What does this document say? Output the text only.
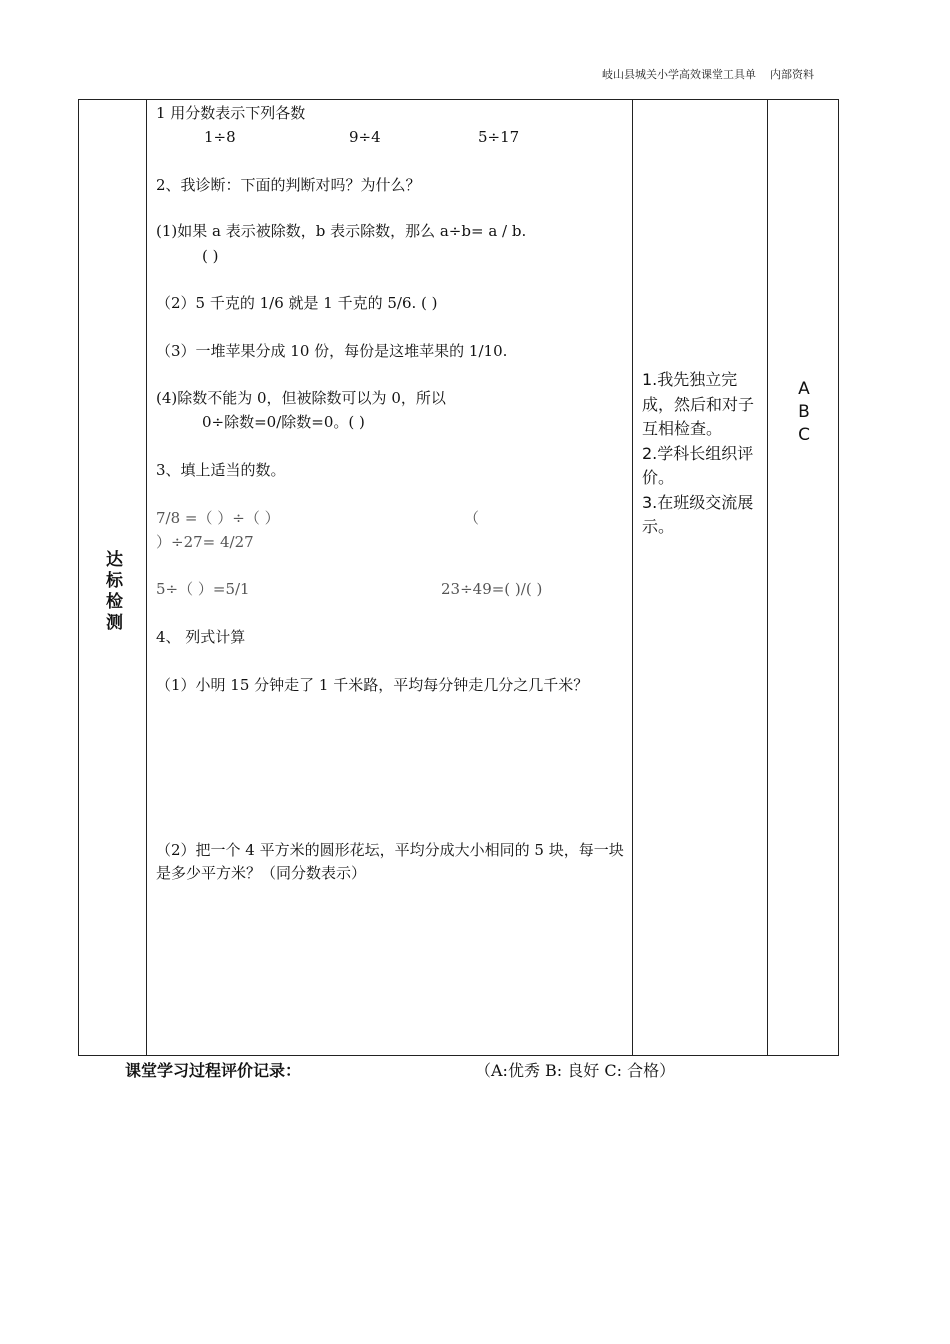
岐山县城关小学高效课堂工具单 内部资料
达标检测
1 用分数表示下列各数
1÷8	9÷4	5÷17
2、我诊断：下面的判断对吗？为什么？
(1)如果 a 表示被除数，b 表示除数，那么 a÷b= a / b.
( )
（2）5 千克的 1/6 就是 1 千克的 5/6. ( )
（3）一堆苹果分成 10 份，每份是这堆苹果的 1/10.
(4)除数不能为 0，但被除数可以为 0，所以
0÷除数=0/除数=0。( )
3、填上适当的数。
7/8 =（ ）÷（ ）	（
）÷27= 4/27
5÷（ ）=5/1	23÷49=( )/( )
4、 列式计算
（1）小明 15 分钟走了 1 千米路，平均每分钟走几分之几千米？
（2）把一个 4 平方米的圆形花坛，平均分成大小相同的 5 块，每一块是多少平方米？（同分数表示）
1.我先独立完成，然后和对子互相检查。
2.学科长组织评价。
3.在班级交流展示。
A
B
C
课堂学习过程评价记录：	（A:优秀 B: 良好 C: 合格）
